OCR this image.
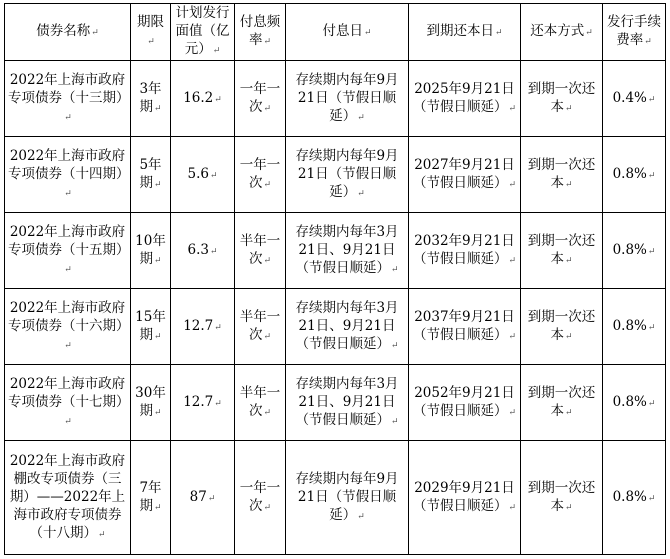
债券名称↵	期限↵	计划发行面值（亿元）↵	付息频率↵	付息日↵	到期还本日↵	还本方式↵	发行手续费率↵
2022年上海市政府专项债券（十三期）↵	3年期↵	16.2↵	一年一次↵	存续期内每年9月21日（节假日顺延）↵	2025年9月21日（节假日顺延）↵	到期一次还本↵	0.4%↵
2022年上海市政府专项债券（十四期）↵	5年期↵	5.6↵	一年一次↵	存续期内每年9月21日（节假日顺延）↵	2027年9月21日（节假日顺延）↵	到期一次还本↵	0.8%↵
2022年上海市政府专项债券（十五期）↵	10年期↵	6.3↵	半年一次↵	存续期内每年3月21日、9月21日（节假日顺延）↵	2032年9月21日（节假日顺延）↵	到期一次还本↵	0.8%↵
2022年上海市政府专项债券（十六期）↵	15年期↵	12.7↵	半年一次↵	存续期内每年3月21日、9月21日（节假日顺延）↵	2037年9月21日（节假日顺延）↵	到期一次还本↵	0.8%↵
2022年上海市政府专项债券（十七期）↵	30年期↵	12.7↵	半年一次↵	存续期内每年3月21日、9月21日（节假日顺延）↵	2052年9月21日（节假日顺延）↵	到期一次还本↵	0.8%↵
2022年上海市政府棚改专项债券（三期）——2022年上海市政府专项债券（十八期）↵	7年期↵	87↵	一年一次↵	存续期内每年9月21日（节假日顺延）↵	2029年9月21日（节假日顺延）↵	到期一次还本↵	0.8%↵
